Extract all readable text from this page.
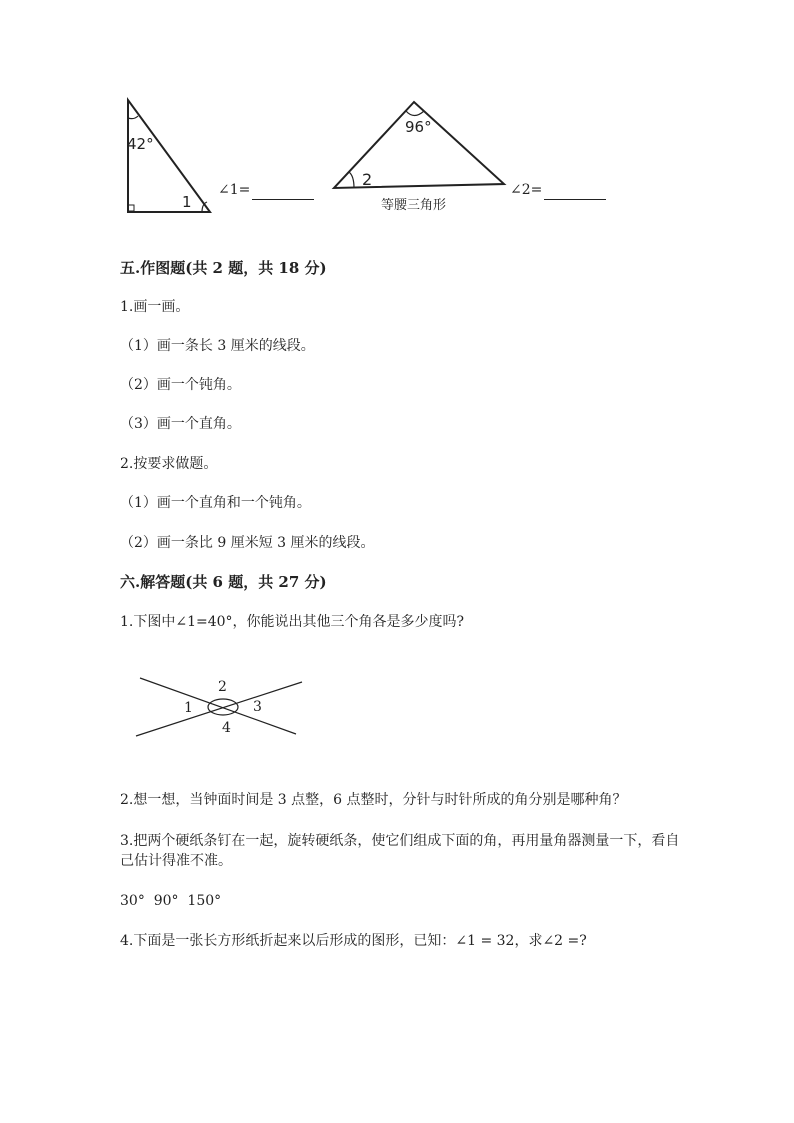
42°
1
∠1=
96°
2
等腰三角形
∠2=
五.作图题(共 2 题，共 18 分)
1.画一画。
（1）画一条长 3 厘米的线段。
（2）画一个钝角。
（3）画一个直角。
2.按要求做题。
（1）画一个直角和一个钝角。
（2）画一条比 9 厘米短 3 厘米的线段。
六.解答题(共 6 题，共 27 分)
1.下图中∠1=40°，你能说出其他三个角各是多少度吗?
1
2
3
4
2.想一想，当钟面时间是 3 点整，6 点整时，分针与时针所成的角分别是哪种角？
3.把两个硬纸条钉在一起，旋转硬纸条，使它们组成下面的角，再用量角器测量一下，看自己估计得准不准。
30°  90°  150°
4.下面是一张长方形纸折起来以后形成的图形，已知：∠1 = 32，求∠2 =?
